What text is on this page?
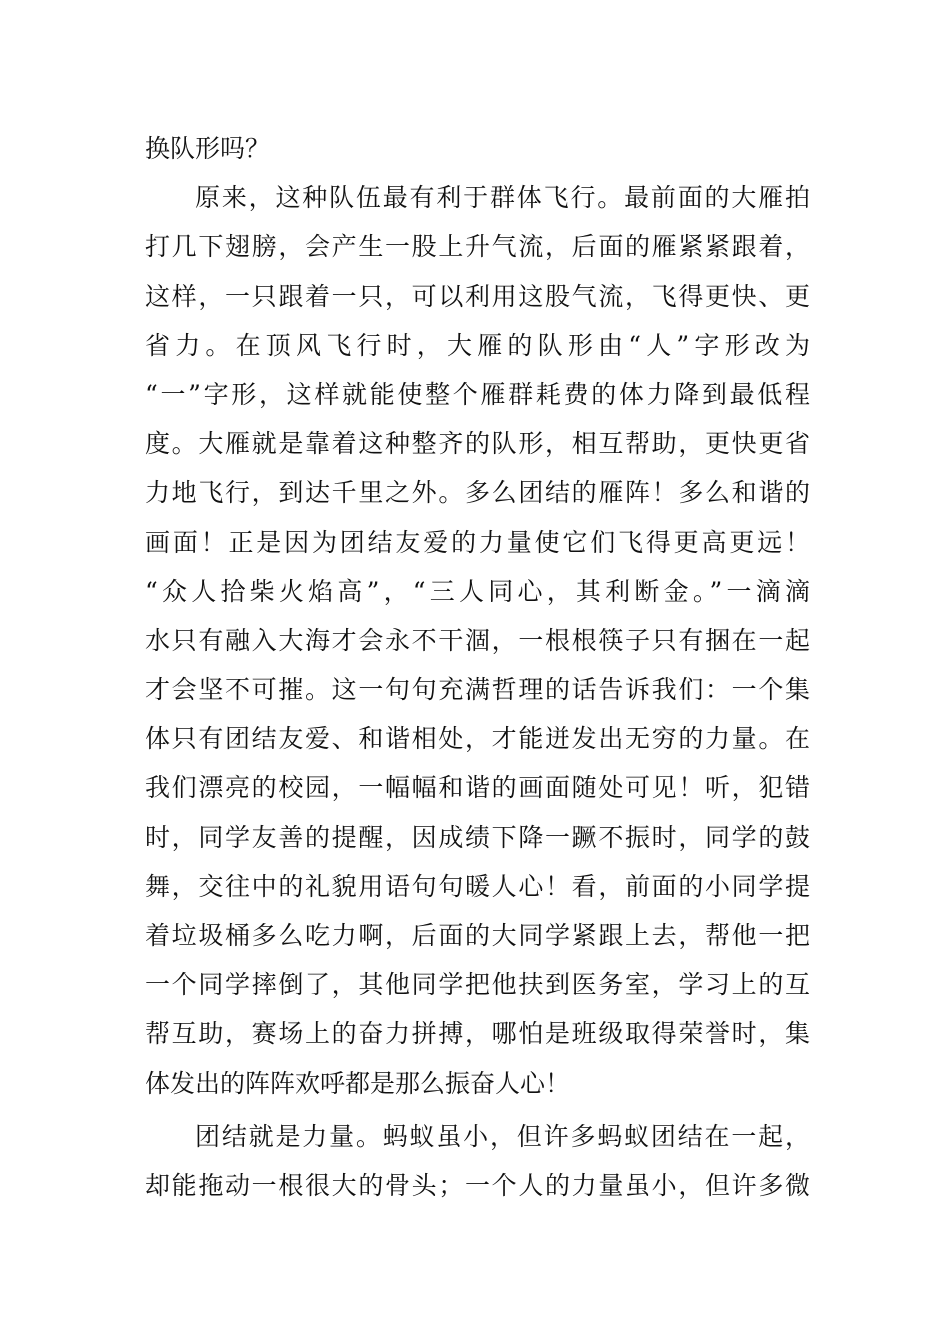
换队形吗？
原来，这种队伍最有利于群体飞行。最前面的大雁拍
打几下翅膀，会产生一股上升气流，后面的雁紧紧跟着，
这样，一只跟着一只，可以利用这股气流，飞得更快、更
省力。在顶风飞行时，大雁的队形由“人”字形改为
“一”字形，这样就能使整个雁群耗费的体力降到最低程
度。大雁就是靠着这种整齐的队形，相互帮助，更快更省
力地飞行，到达千里之外。多么团结的雁阵！多么和谐的
画面！正是因为团结友爱的力量使它们飞得更高更远！
“众人拾柴火焰高”，“三人同心，其利断金。”一滴滴
水只有融入大海才会永不干涸，一根根筷子只有捆在一起
才会坚不可摧。这一句句充满哲理的话告诉我们：一个集
体只有团结友爱、和谐相处，才能迸发出无穷的力量。在
我们漂亮的校园，一幅幅和谐的画面随处可见！听，犯错
时，同学友善的提醒，因成绩下降一蹶不振时，同学的鼓
舞，交往中的礼貌用语句句暖人心！看，前面的小同学提
着垃圾桶多么吃力啊，后面的大同学紧跟上去，帮他一把
一个同学摔倒了，其他同学把他扶到医务室，学习上的互
帮互助，赛场上的奋力拼搏，哪怕是班级取得荣誉时，集
体发出的阵阵欢呼都是那么振奋人心！
团结就是力量。蚂蚁虽小，但许多蚂蚁团结在一起，
却能拖动一根很大的骨头；一个人的力量虽小，但许多微
